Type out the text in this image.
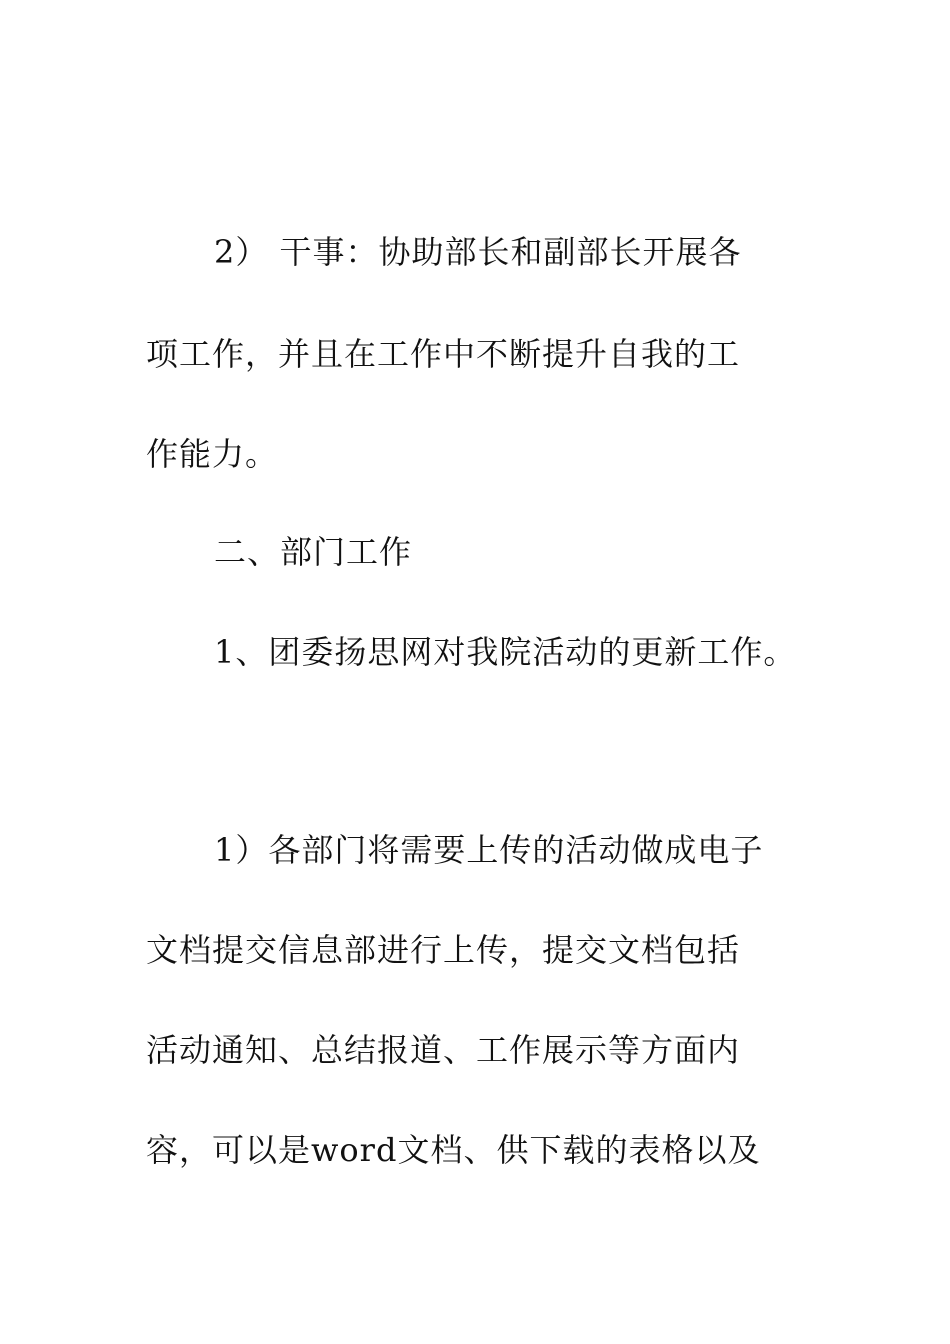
2） 干事：协助部长和副部长开展各
项工作，并且在工作中不断提升自我的工
作能力。
二、部门工作
1、团委扬思网对我院活动的更新工作。
1）各部门将需要上传的活动做成电子
文档提交信息部进行上传，提交文档包括
活动通知、总结报道、工作展示等方面内
容，可以是word文档、供下载的表格以及
